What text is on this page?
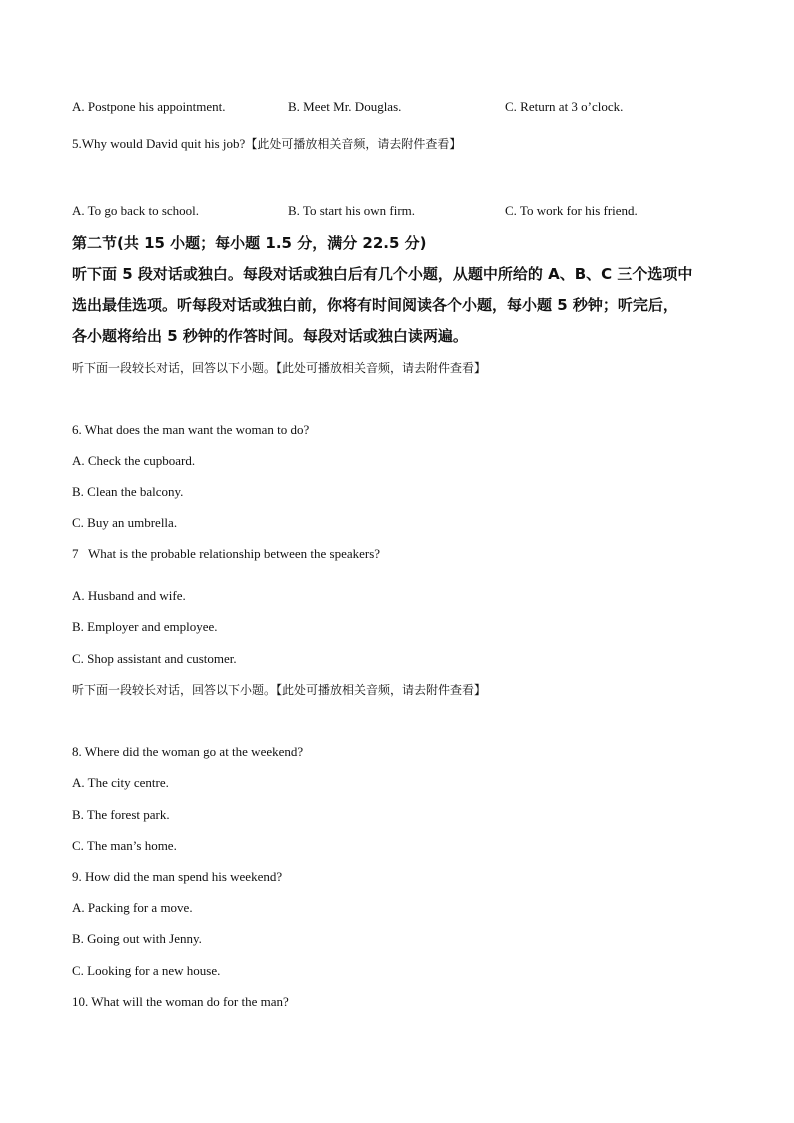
A. Postpone his appointment.	B. Meet Mr. Douglas.	C. Return at 3 o’clock.
5.Why would David quit his job?【此处可播放相关音频，请去附件查看】
A. To go back to school.	B. To start his own firm.	C. To work for his friend.
第二节(共 15 小题；每小题 1.5 分，满分 22.5 分)
听下面 5 段对话或独白。每段对话或独白后有几个小题，从题中所给的 A、B、C 三个选项中
选出最佳选项。听每段对话或独白前，你将有时间阅读各个小题，每小题 5 秒钟；听完后，
各小题将给出 5 秒钟的作答时间。每段对话或独白读两遍。
听下面一段较长对话，回答以下小题。【此处可播放相关音频，请去附件查看】
6. What does the man want the woman to do?
A. Check the cupboard.
B. Clean the balcony.
C. Buy an umbrella.
7   What is the probable relationship between the speakers?
A. Husband and wife.
B. Employer and employee.
C. Shop assistant and customer.
听下面一段较长对话，回答以下小题。【此处可播放相关音频，请去附件查看】
8. Where did the woman go at the weekend?
A. The city centre.
B. The forest park.
C. The man’s home.
9. How did the man spend his weekend?
A. Packing for a move.
B. Going out with Jenny.
C. Looking for a new house.
10. What will the woman do for the man?
